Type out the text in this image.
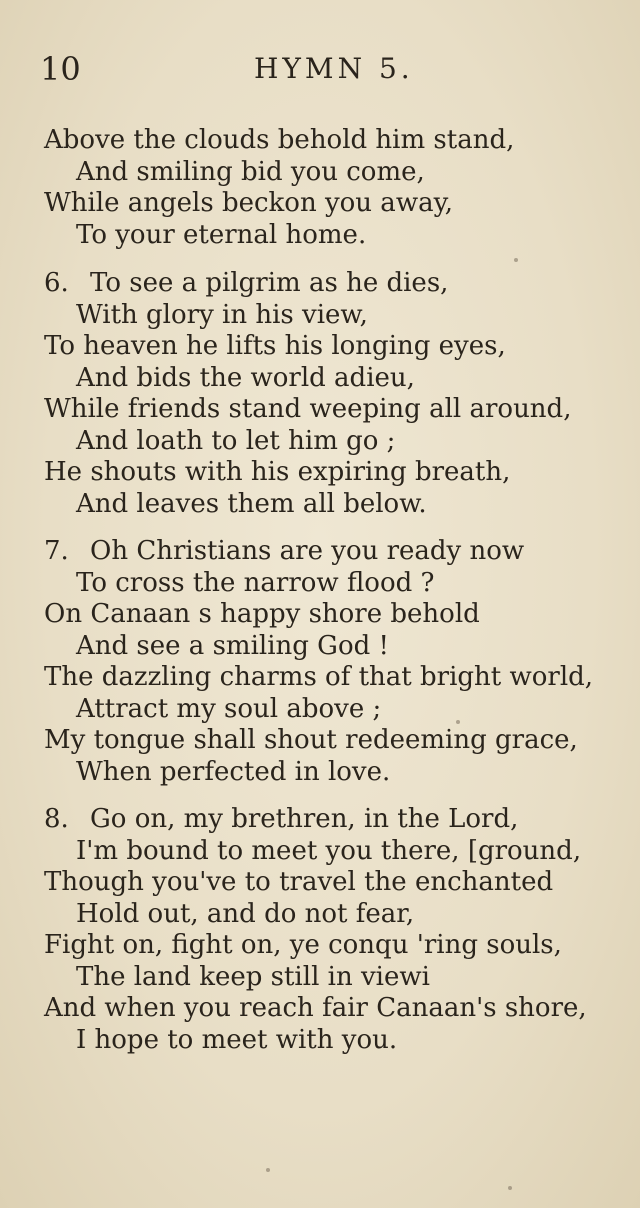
10	HYMN 5.
Above the clouds behold him stand,
And smiling bid you come,
While angels beckon you away,
To your eternal home.
6. To see a pilgrim as he dies,
With glory in his view,
To heaven he lifts his longing eyes,
And bids the world adieu,
While friends stand weeping all around,
And loath to let him go ;
He shouts with his expiring breath,
And leaves them all below.
7. Oh Christians are you ready now
To cross the narrow flood ?
On Canaan s happy shore behold
And see a smiling God !
The dazzling charms of that bright world,
Attract my soul above ;
My tongue shall shout redeeming grace,
When perfected in love.
8. Go on, my brethren, in the Lord,
I'm bound to meet you there, [ground,
Though you've to travel the enchanted
Hold out, and do not fear,
Fight on, fight on, ye conqu 'ring souls,
The land keep still in viewi
And when you reach fair Canaan's shore,
I hope to meet with you.
